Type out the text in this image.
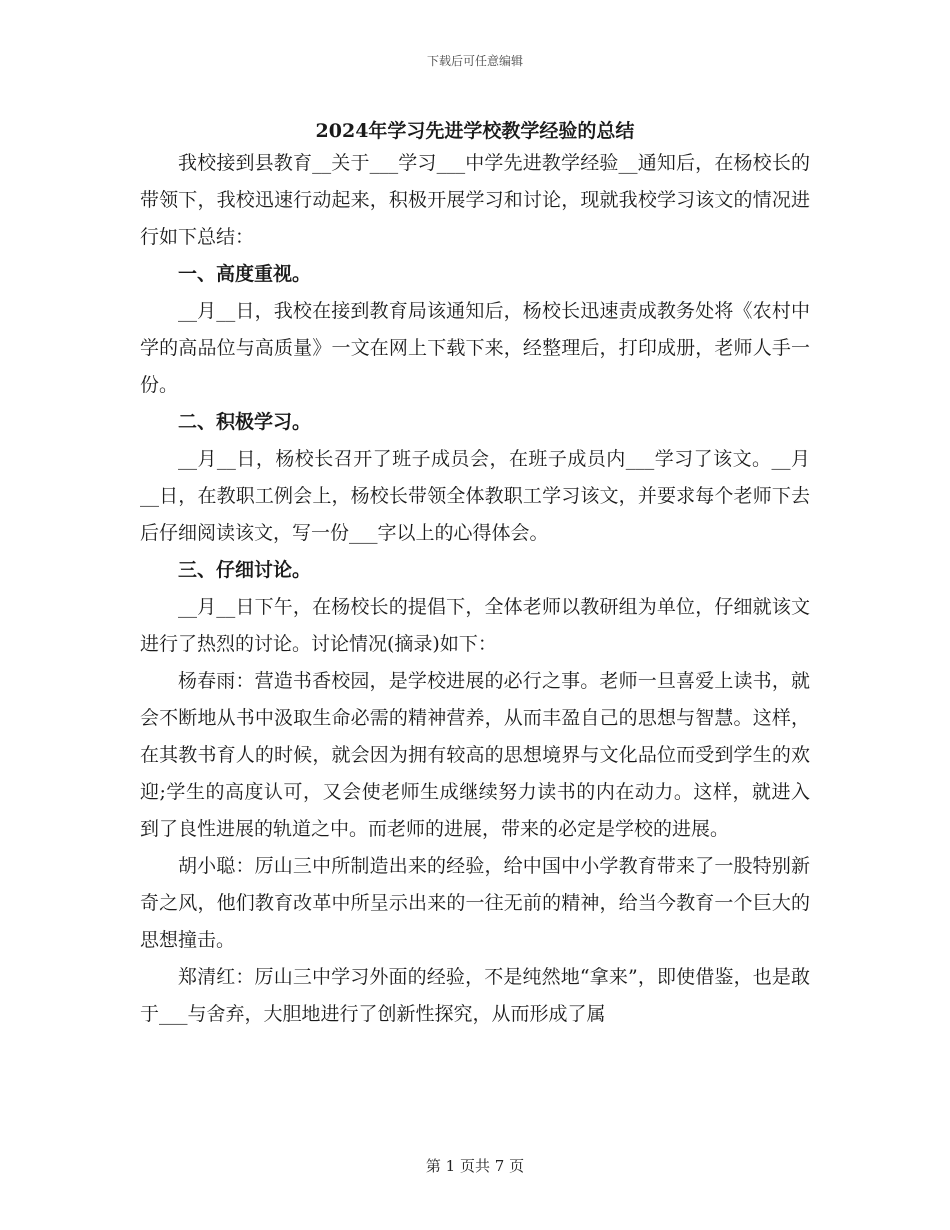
下载后可任意编辑
2024年学习先进学校教学经验的总结

我校接到县教育__关于___学习___中学先进教学经验__通知后，在杨校长的带领下，我校迅速行动起来，积极开展学习和讨论，现就我校学习该文的情况进行如下总结：

一、高度重视。

__月__日，我校在接到教育局该通知后，杨校长迅速责成教务处将《农村中学的高品位与高质量》一文在网上下载下来，经整理后，打印成册，老师人手一份。

二、积极学习。

__月__日，杨校长召开了班子成员会，在班子成员内___学习了该文。__月__日，在教职工例会上，杨校长带领全体教职工学习该文，并要求每个老师下去后仔细阅读该文，写一份___字以上的心得体会。

三、仔细讨论。

__月__日下午，在杨校长的提倡下，全体老师以教研组为单位，仔细就该文进行了热烈的讨论。讨论情况(摘录)如下：

杨春雨：营造书香校园，是学校进展的必行之事。老师一旦喜爱上读书，就会不断地从书中汲取生命必需的精神营养，从而丰盈自己的思想与智慧。这样，在其教书育人的时候，就会因为拥有较高的思想境界与文化品位而受到学生的欢迎;学生的高度认可，又会使老师生成继续努力读书的内在动力。这样，就进入到了良性进展的轨道之中。而老师的进展，带来的必定是学校的进展。

胡小聪：厉山三中所制造出来的经验，给中国中小学教育带来了一股特别新奇之风，他们教育改革中所呈示出来的一往无前的精神，给当今教育一个巨大的思想撞击。

郑清红：厉山三中学习外面的经验，不是纯然地“拿来”，即使借鉴，也是敢于___与舍弃，大胆地进行了创新性探究，从而形成了属

第 1 页共 7 页
